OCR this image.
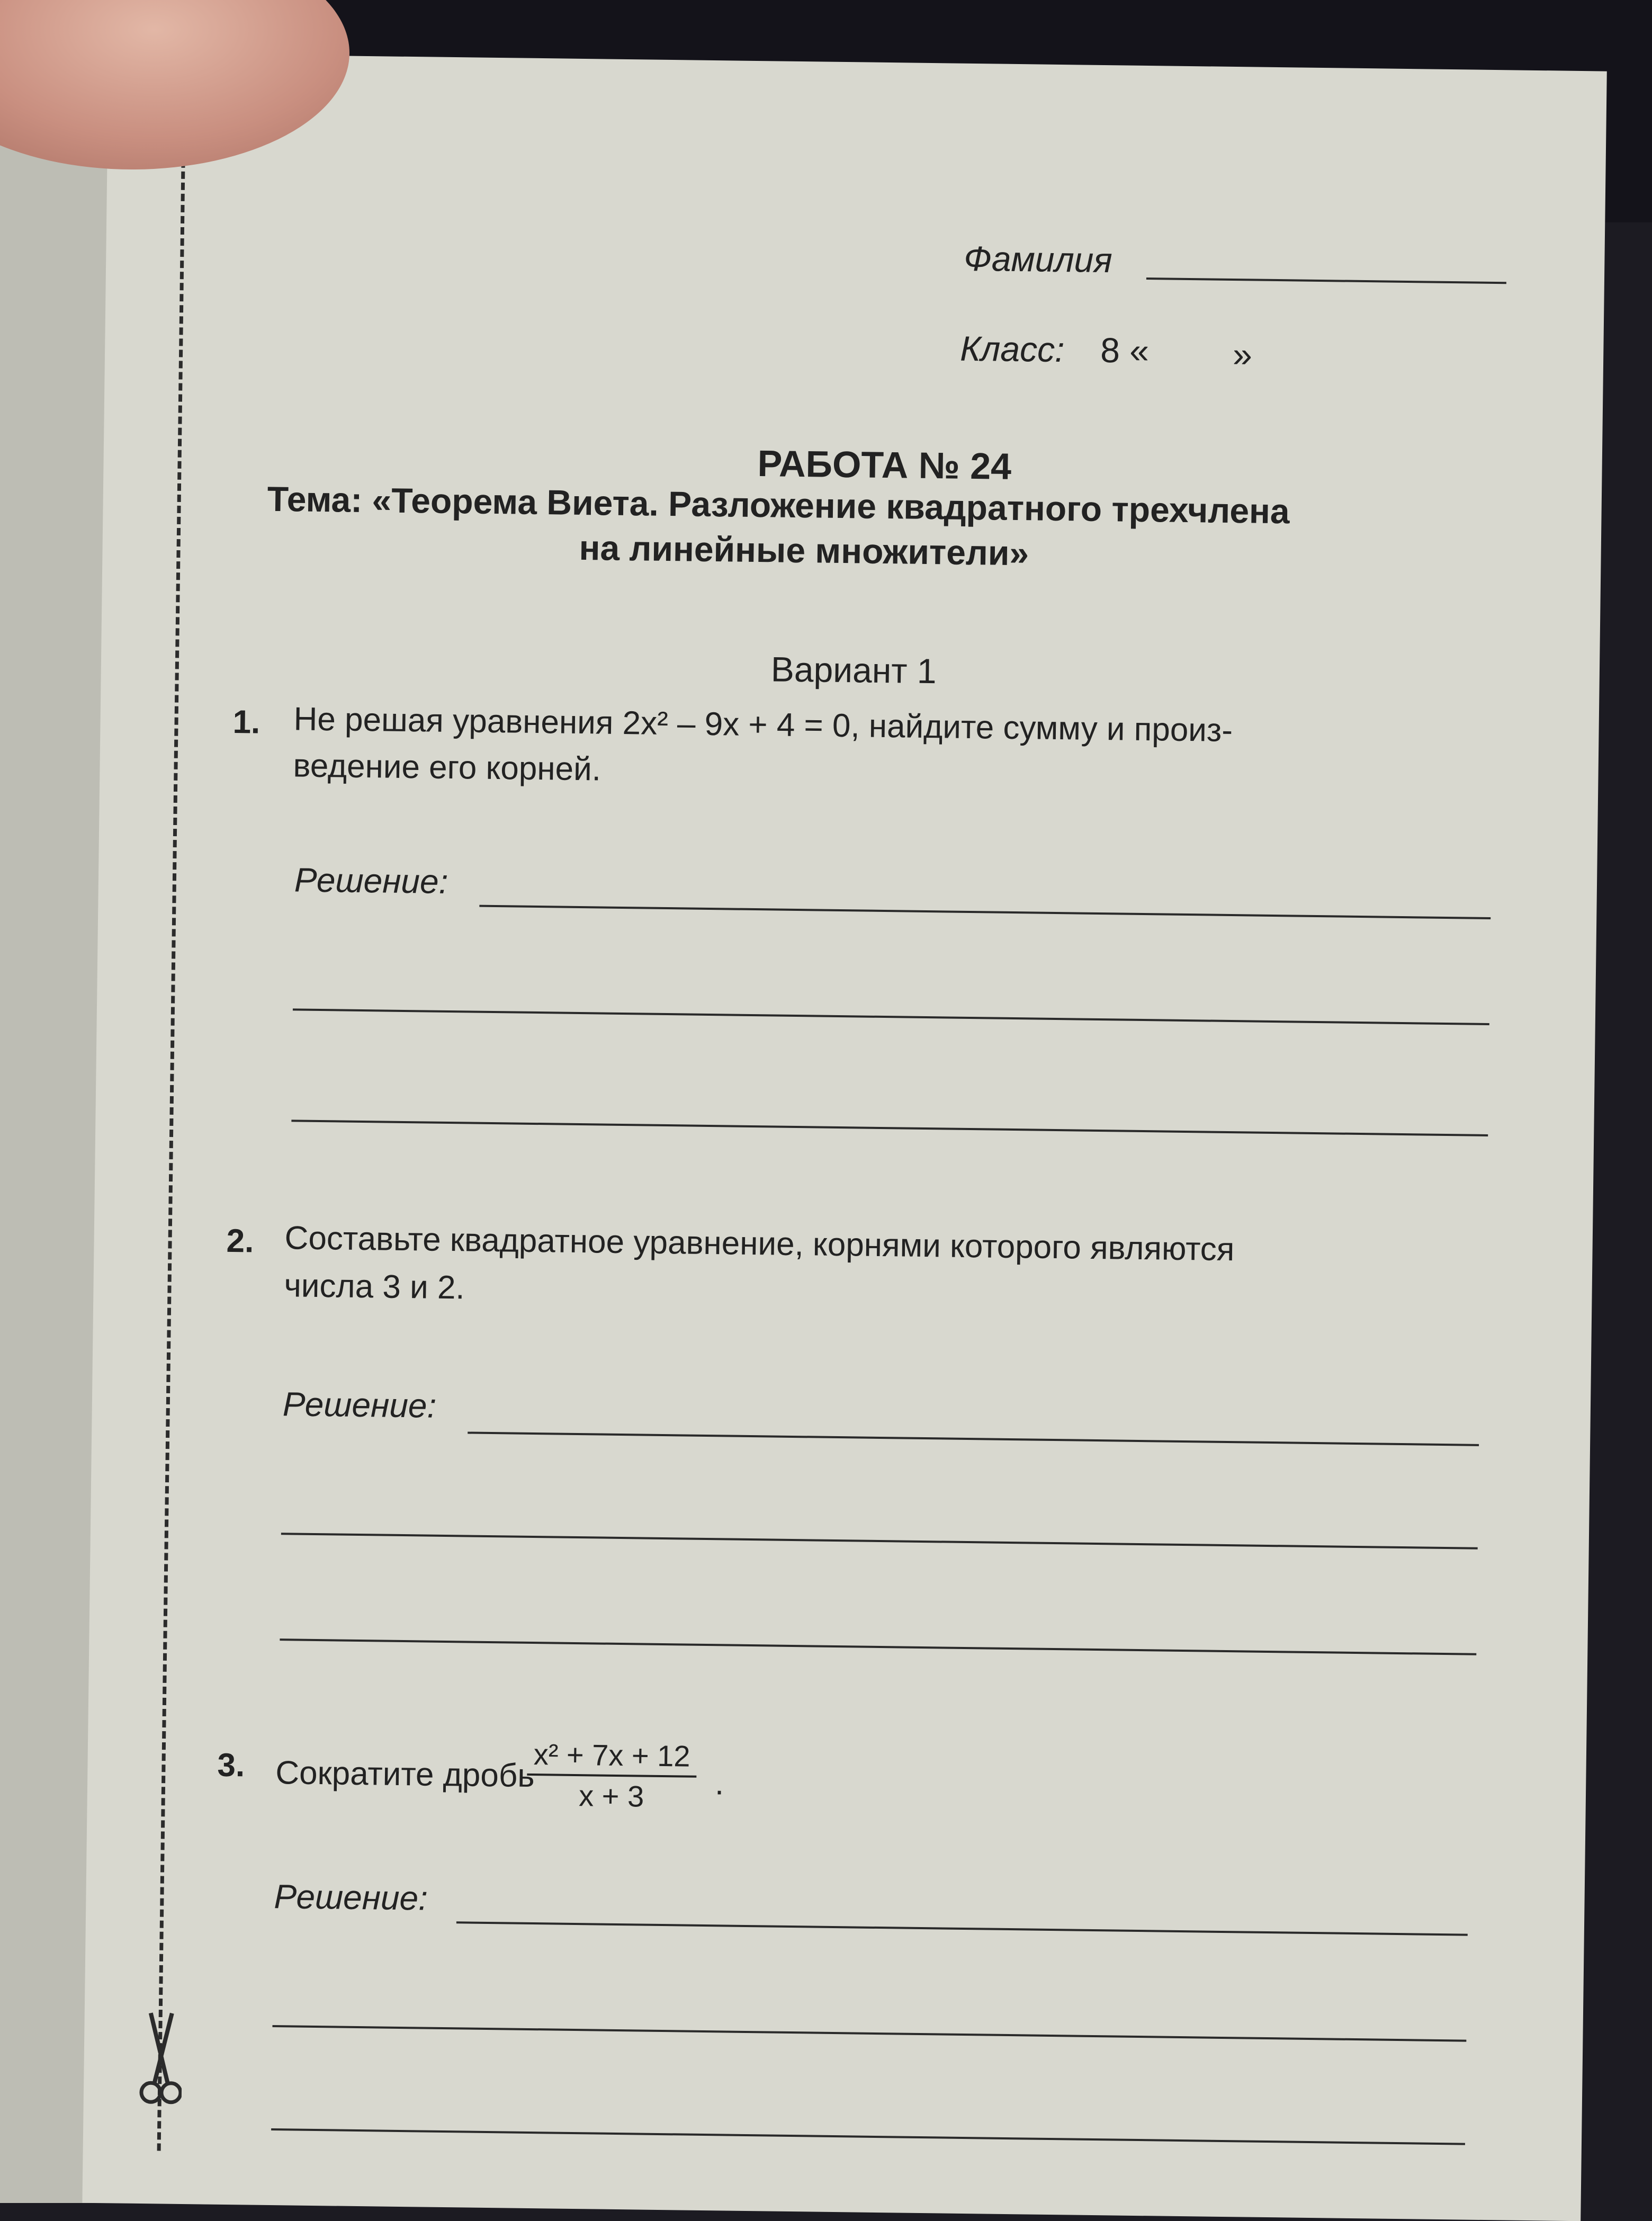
Фамилия
Класс: 8 « »
РАБОТА № 24
Тема: «Теорема Виета. Разложение квадратного трехчлена
на линейные множители»
Вариант 1
1. Не решая уравнения 2x² – 9x + 4 = 0, найдите сумму и произ-
ведение его корней.
Решение:
2. Составьте квадратное уравнение, корнями которого являются
числа 3 и 2.
Решение:
3. Сократите дробь
$\frac{\text{x² + 7x + 12}}{x + 3}$ .
Решение:
